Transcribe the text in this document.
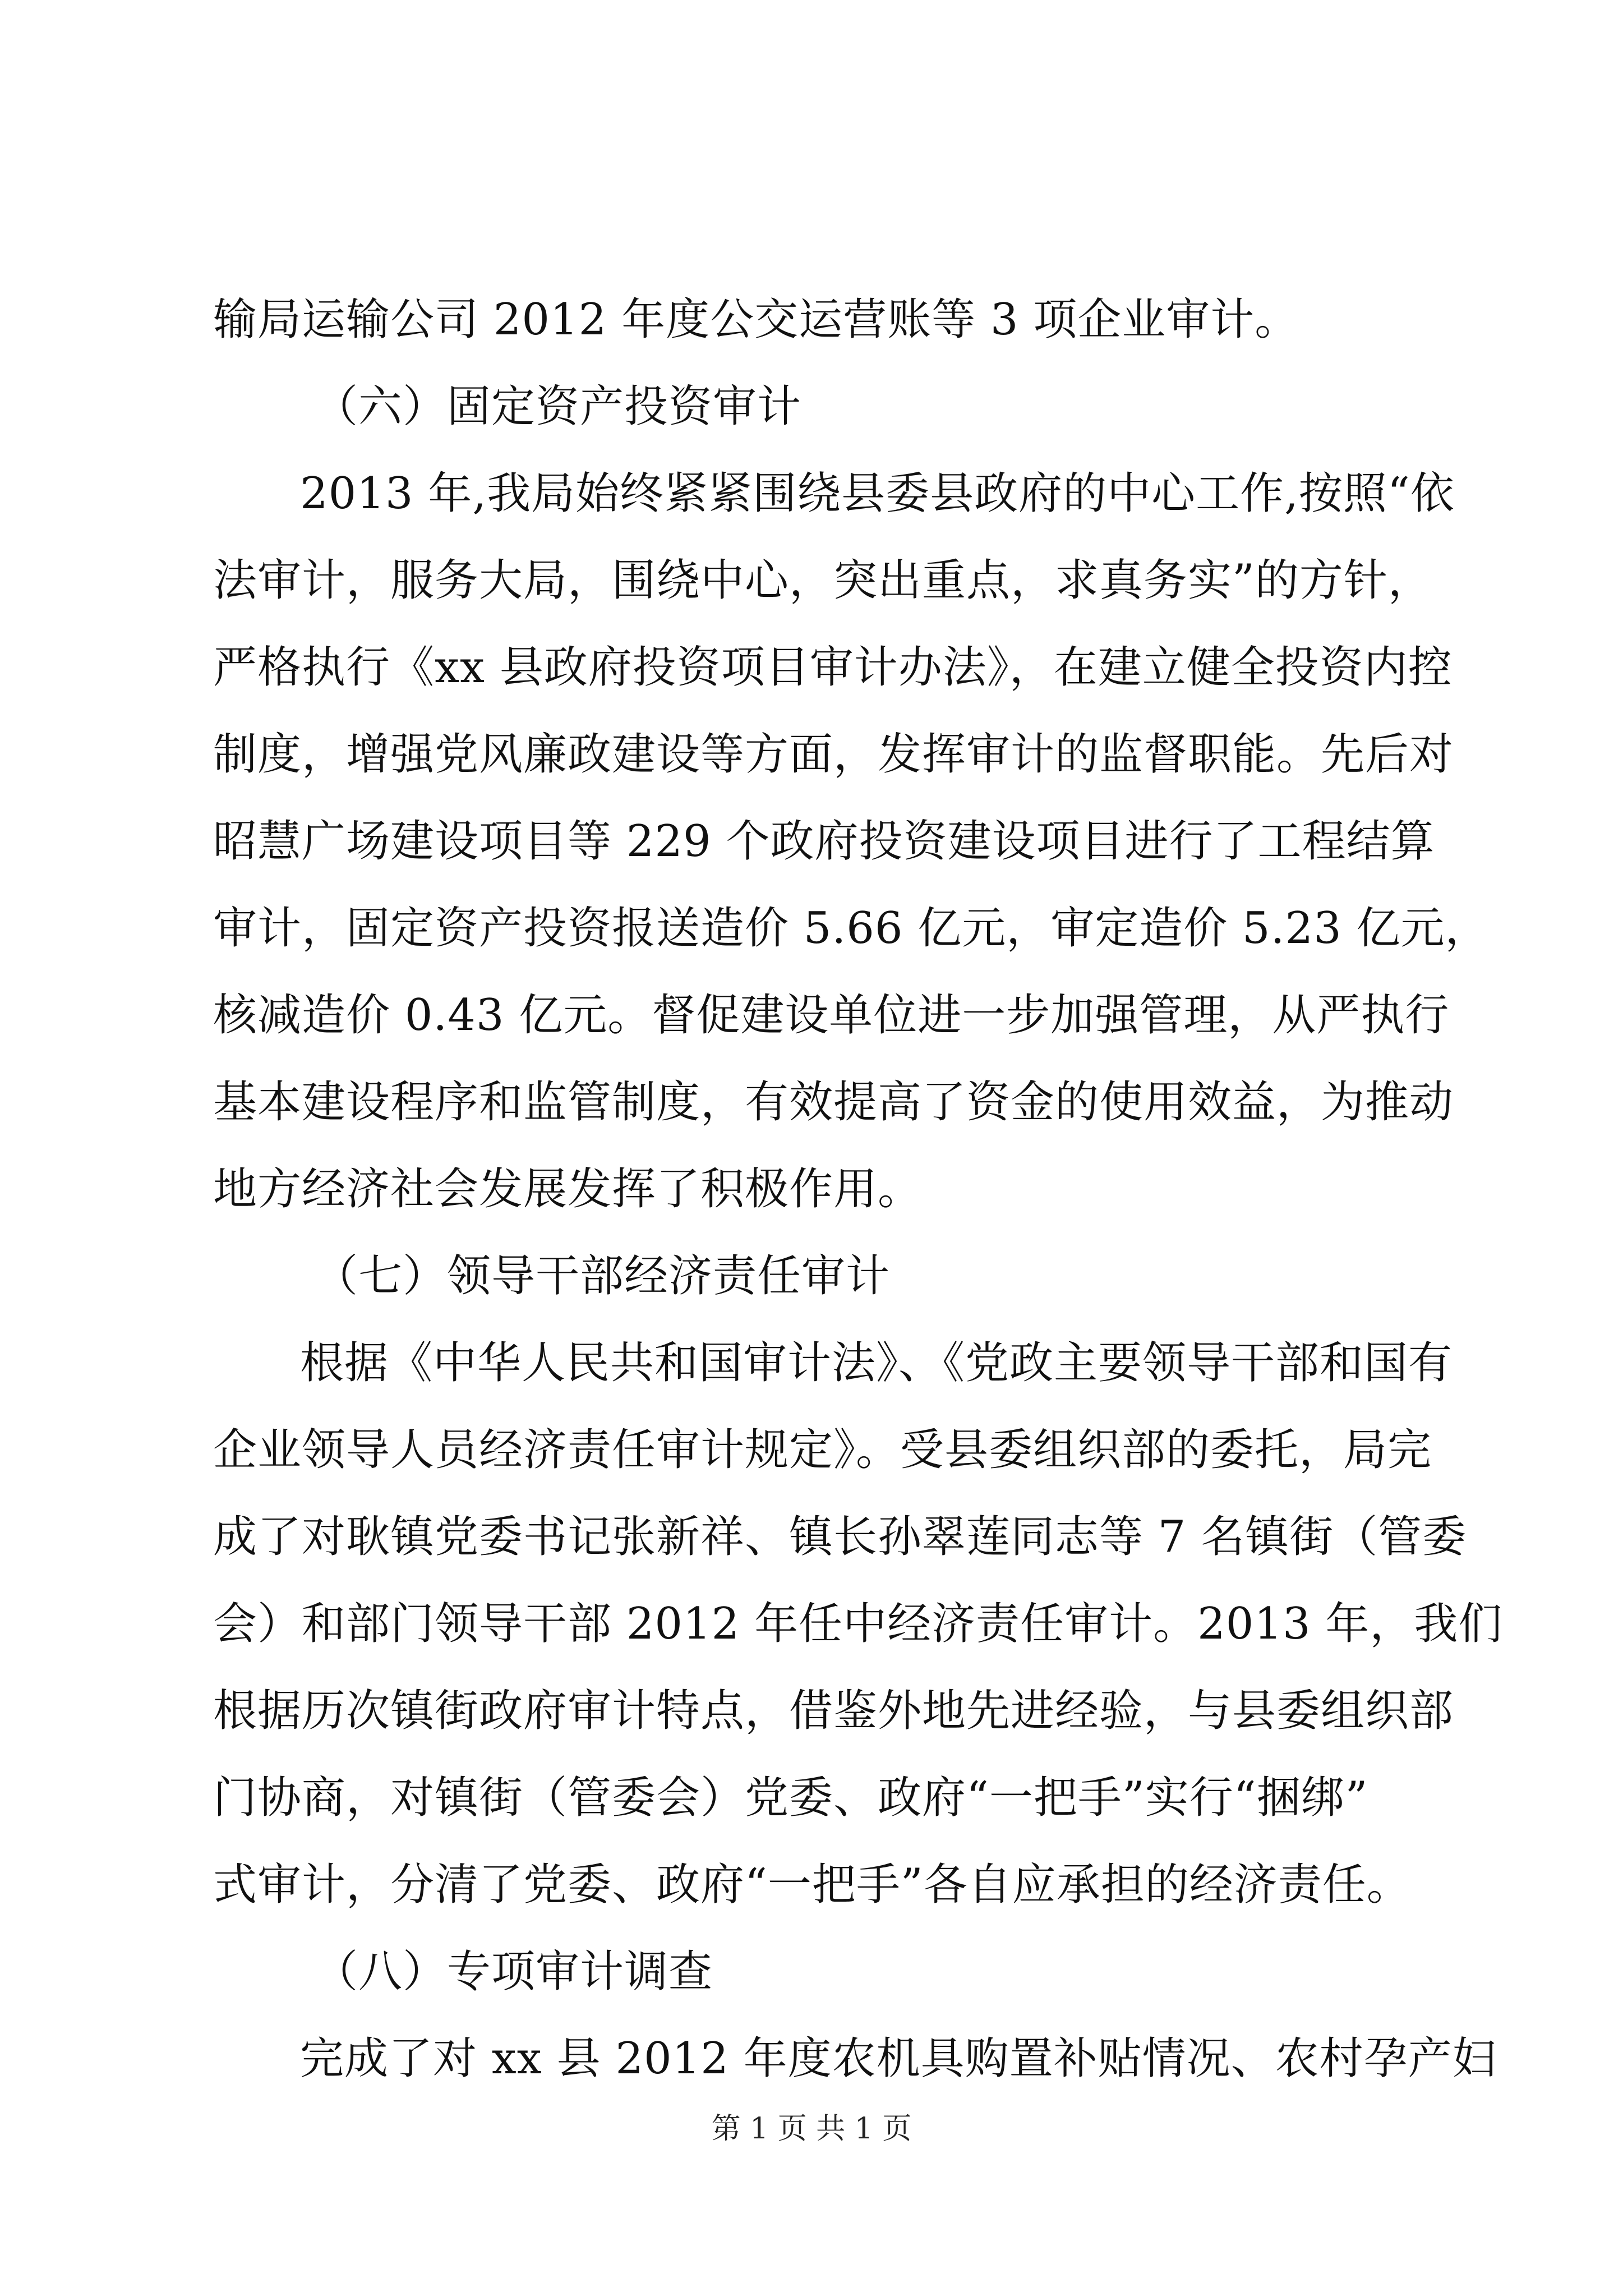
输局运输公司 2012 年度公交运营账等 3 项企业审计。
（六）固定资产投资审计
2013 年,我局始终紧紧围绕县委县政府的中心工作,按照“依
法审计，服务大局，围绕中心，突出重点，求真务实”的方针，
严格执行《xx 县政府投资项目审计办法》，在建立健全投资内控
制度，增强党风廉政建设等方面，发挥审计的监督职能。先后对
昭慧广场建设项目等 229 个政府投资建设项目进行了工程结算
审计，固定资产投资报送造价 5.66 亿元，审定造价 5.23 亿元，
核减造价 0.43 亿元。督促建设单位进一步加强管理，从严执行
基本建设程序和监管制度，有效提高了资金的使用效益，为推动
地方经济社会发展发挥了积极作用。
（七）领导干部经济责任审计
根据《中华人民共和国审计法》、《党政主要领导干部和国有
企业领导人员经济责任审计规定》。受县委组织部的委托，局完
成了对耿镇党委书记张新祥、镇长孙翠莲同志等 7 名镇街（管委
会）和部门领导干部 2012 年任中经济责任审计。2013 年，我们
根据历次镇街政府审计特点，借鉴外地先进经验，与县委组织部
门协商，对镇街（管委会）党委、政府“一把手”实行“捆绑”
式审计，分清了党委、政府“一把手”各自应承担的经济责任。
（八）专项审计调查
完成了对 xx 县 2012 年度农机具购置补贴情况、农村孕产妇
第 1 页 共 1 页
